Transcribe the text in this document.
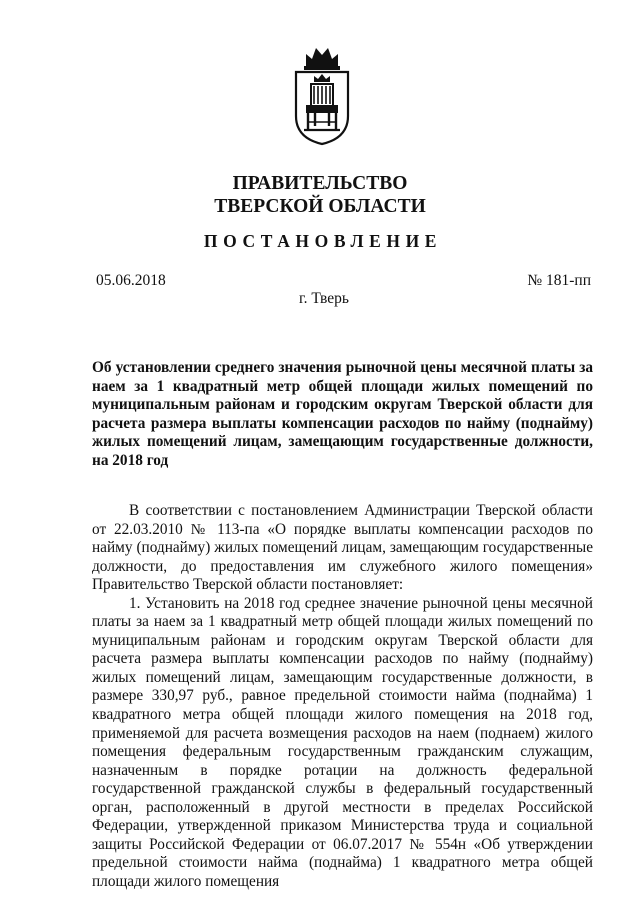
ПРАВИТЕЛЬСТВО
ТВЕРСКОЙ ОБЛАСТИ
ПОСТАНОВЛЕНИЕ
05.06.2018	№ 181-пп
г. Тверь
Об установлении среднего значения рыночной цены месячной платы за наем за 1 квадратный метр общей площади жилых помещений по муниципальным районам и городским округам Тверской области для расчета размера выплаты компенсации расходов по найму (поднайму) жилых помещений лицам, замещающим государственные должности, на 2018 год

В соответствии с постановлением Администрации Тверской области от 22.03.2010 № 113-па «О порядке выплаты компенсации расходов по найму (поднайму) жилых помещений лицам, замещающим государственные должности, до предоставления им служебного жилого помещения» Правительство Тверской области постановляет:

1. Установить на 2018 год среднее значение рыночной цены месячной платы за наем за 1 квадратный метр общей площади жилых помещений по муниципальным районам и городским округам Тверской области для расчета размера выплаты компенсации расходов по найму (поднайму) жилых помещений лицам, замещающим государственные должности, в размере 330,97 руб., равное предельной стоимости найма (поднайма) 1 квадратного метра общей площади жилого помещения на 2018 год, применяемой для расчета возмещения расходов на наем (поднаем) жилого помещения федеральным государственным гражданским служащим, назначенным в порядке ротации на должность федеральной государственной гражданской службы в федеральный государственный орган, расположенный в другой местности в пределах Российской Федерации, утвержденной приказом Министерства труда и социальной защиты Российской Федерации от 06.07.2017 № 554н «Об утверждении предельной стоимости найма (поднайма) 1 квадратного метра общей площади жилого помещения
